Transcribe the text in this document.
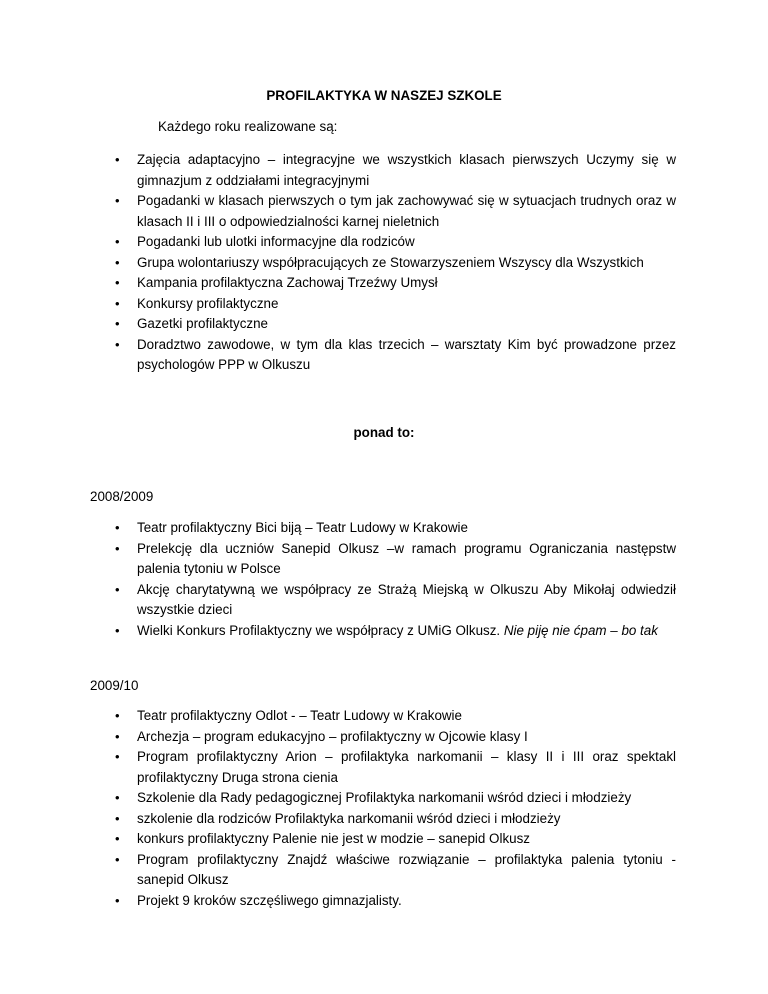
PROFILAKTYKA W NASZEJ SZKOLE
Każdego roku realizowane są:
•	Zajęcia adaptacyjno – integracyjne we wszystkich klasach pierwszych Uczymy się w gimnazjum z oddziałami integracyjnymi
•	Pogadanki w klasach pierwszych o tym jak zachowywać się w sytuacjach trudnych oraz w klasach II i III o odpowiedzialności karnej nieletnich
•	Pogadanki lub ulotki informacyjne dla rodziców
•	Grupa wolontariuszy współpracujących ze Stowarzyszeniem Wszyscy dla Wszystkich
•	Kampania profilaktyczna Zachowaj Trzeźwy Umysł
•	Konkursy profilaktyczne
•	Gazetki profilaktyczne
•	Doradztwo zawodowe, w tym dla klas trzecich – warsztaty Kim być prowadzone przez psychologów PPP w Olkuszu
ponad to:
2008/2009
•	Teatr profilaktyczny Bici biją – Teatr Ludowy w Krakowie
•	Prelekcję dla uczniów Sanepid Olkusz –w ramach programu Ograniczania następstw palenia tytoniu w Polsce
•	Akcję charytatywną we współpracy ze Strażą Miejską w Olkuszu Aby Mikołaj odwiedził wszystkie dzieci
•	Wielki Konkurs Profilaktyczny we współpracy z UMiG Olkusz. Nie piję nie ćpam – bo tak
2009/10
•	Teatr profilaktyczny Odlot - – Teatr Ludowy w Krakowie
•	Archezja – program edukacyjno – profilaktyczny w Ojcowie klasy I
•	Program profilaktyczny Arion – profilaktyka narkomanii – klasy II i III oraz spektakl profilaktyczny Druga strona cienia
•	Szkolenie dla Rady pedagogicznej Profilaktyka narkomanii wśród dzieci i młodzieży
•	szkolenie dla rodziców Profilaktyka narkomanii wśród dzieci i młodzieży
•	konkurs profilaktyczny Palenie nie jest w modzie – sanepid Olkusz
•	Program profilaktyczny Znajdź właściwe rozwiązanie – profilaktyka palenia tytoniu - sanepid Olkusz
•	Projekt 9 kroków szczęśliwego gimnazjalisty.
